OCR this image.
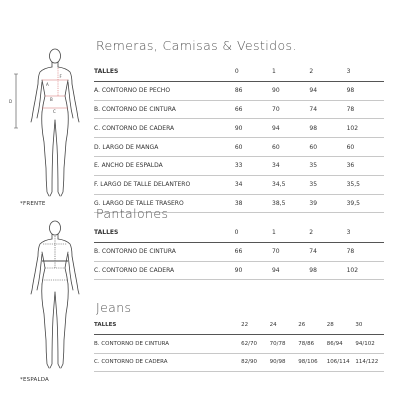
F
A
B
C
D
*FRENTE
*ESPALDA
Remeras, Camisas & Vestidos.
TALLES	0	1	2	3
A. CONTORNO DE PECHO	86	90	94	98
B. CONTORNO DE CINTURA	66	70	74	78
C. CONTORNO DE CADERA	90	94	98	102
D. LARGO DE MANGA	60	60	60	60
E. ANCHO DE ESPALDA	33	34	35	36
F. LARGO DE TALLE DELANTERO	34	34,5	35	35,5
G. LARGO DE TALLE TRASERO	38	38,5	39	39,5
Pantalones
TALLES	0	1	2	3
B. CONTORNO DE CINTURA	66	70	74	78
C. CONTORNO DE CADERA	90	94	98	102
Jeans
TALLES	22	24	26	28	30
B. CONTORNO DE CINTURA	62/70	70/78	78/86	86/94	94/102
C. CONTORNO DE CADERA	82/90	90/98	98/106	106/114	114/122
